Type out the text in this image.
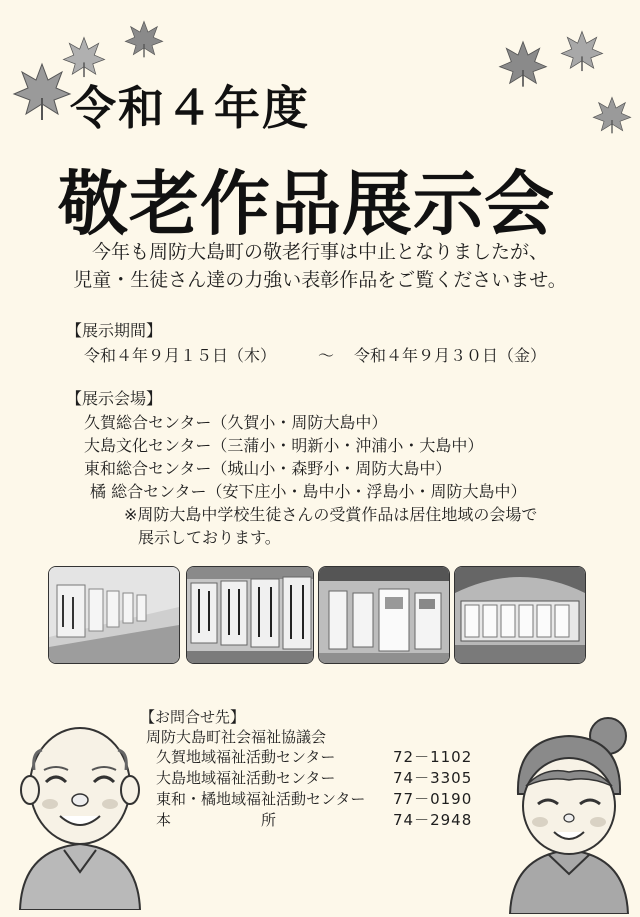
令和４年度
敬老作品展示会
今年も周防大島町の敬老行事は中止となりましたが、
児童・生徒さん達の力強い表彰作品をご覧くださいませ。
【展示期間】
令和４年９月１５日（木）	～ 令和４年９月３０日（金）
【展示会場】
久賀総合センター（久賀小・周防大島中）
大島文化センター（三蒲小・明新小・沖浦小・大島中）
東和総合センター（城山小・森野小・周防大島中）
橘 総合センター（安下庄小・島中小・浮島小・周防大島中）
※周防大島中学校生徒さんの受賞作品は居住地域の会場で
展示しております。
【お問合せ先】
周防大島町社会福祉協議会
久賀地域福祉活動センター	72－1102
大島地域福祉活動センター	74－3305
東和・橘地域福祉活動センター 77－0190
本　　　　　　所	74－2948
